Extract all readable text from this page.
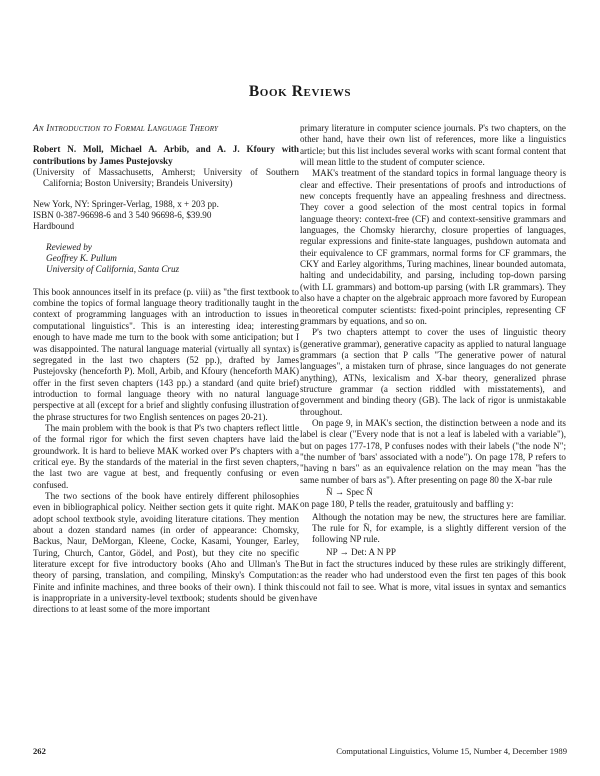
Book Reviews
An Introduction to Formal Language Theory
Robert N. Moll, Michael A. Arbib, and A. J. Kfoury with contributions by James Pustejovsky
(University of Massachusetts, Amherst; University of Southern California; Boston University; Brandeis University)
New York, NY: Springer-Verlag, 1988, x + 203 pp.
ISBN 0-387-96698-6 and 3 540 96698-6, $39.90
Hardbound
Reviewed by
Geoffrey K. Pullum
University of California, Santa Cruz

This book announces itself in its preface (p. viii) as "the first textbook to combine the topics of formal language theory traditionally taught in the context of programming languages with an introduction to issues in computational linguistics". This is an interesting idea; interesting enough to have made me turn to the book with some anticipation; but I was disappointed. The natural language material (virtually all syntax) is segregated in the last two chapters (52 pp.), drafted by James Pustejovsky (henceforth P). Moll, Arbib, and Kfoury (henceforth MAK) offer in the first seven chapters (143 pp.) a standard (and quite brief) introduction to formal language theory with no natural language perspective at all (except for a brief and slightly confusing illustration of the phrase structures for two English sentences on pages 20-21).

The main problem with the book is that P's two chapters reflect little of the formal rigor for which the first seven chapters have laid the groundwork. It is hard to believe MAK worked over P's chapters with a critical eye. By the standards of the material in the first seven chapters, the last two are vague at best, and frequently confusing or even confused.

The two sections of the book have entirely different philosophies even in bibliographical policy. Neither section gets it quite right. MAK adopt school textbook style, avoiding literature citations. They mention about a dozen standard names (in order of appearance: Chomsky, Backus, Naur, DeMorgan, Kleene, Cocke, Kasami, Younger, Earley, Turing, Church, Cantor, Gödel, and Post), but they cite no specific literature except for five introductory books (Aho and Ullman's The theory of parsing, translation, and compiling, Minsky's Computation: Finite and infinite machines, and three books of their own). I think this is inappropriate in a university-level textbook; students should be given directions to at least some of the more important

primary literature in computer science journals. P's two chapters, on the other hand, have their own list of references, more like a linguistics article; but this list includes several works with scant formal content that will mean little to the student of computer science.

MAK's treatment of the standard topics in formal language theory is clear and effective. Their presentations of proofs and introductions of new concepts frequently have an appealing freshness and directness. They cover a good selection of the most central topics in formal language theory: context-free (CF) and context-sensitive grammars and languages, the Chomsky hierarchy, closure properties of languages, regular expressions and finite-state languages, pushdown automata and their equivalence to CF grammars, normal forms for CF grammars, the CKY and Earley algorithms, Turing machines, linear bounded automata, halting and undecidability, and parsing, including top-down parsing (with LL grammars) and bottom-up parsing (with LR grammars). They also have a chapter on the algebraic approach more favored by European theoretical computer scientists: fixed-point principles, representing CF grammars by equations, and so on.

P's two chapters attempt to cover the uses of linguistic theory (generative grammar), generative capacity as applied to natural language grammars (a section that P calls "The generative power of natural languages", a mistaken turn of phrase, since languages do not generate anything), ATNs, lexicalism and X-bar theory, generalized phrase structure grammar (a section riddled with misstatements), and government and binding theory (GB). The lack of rigor is unmistakable throughout.

On page 9, in MAK's section, the distinction between a node and its label is clear ("Every node that is not a leaf is labeled with a variable"), but on pages 177-178, P confuses nodes with their labels ("the node N"; "the number of 'bars' associated with a node"). On page 178, P refers to "having n bars" as an equivalence relation on the may mean "has the same number of bars as"). After presenting on page 80 the X-bar rule

N̄ → Spec N̄

on page 180, P tells the reader, gratuitously and baffling y:

Although the notation may be new, the structures here are familiar. The rule for N̄, for example, is a slightly different version of the following NP rule.
NP → Det: A N PP

But in fact the structures induced by these rules are strikingly different, as the reader who had understood even the first ten pages of this book could not fail to see. What is more, vital issues in syntax and semantics have

262	Computational Linguistics, Volume 15, Number 4, December 1989
